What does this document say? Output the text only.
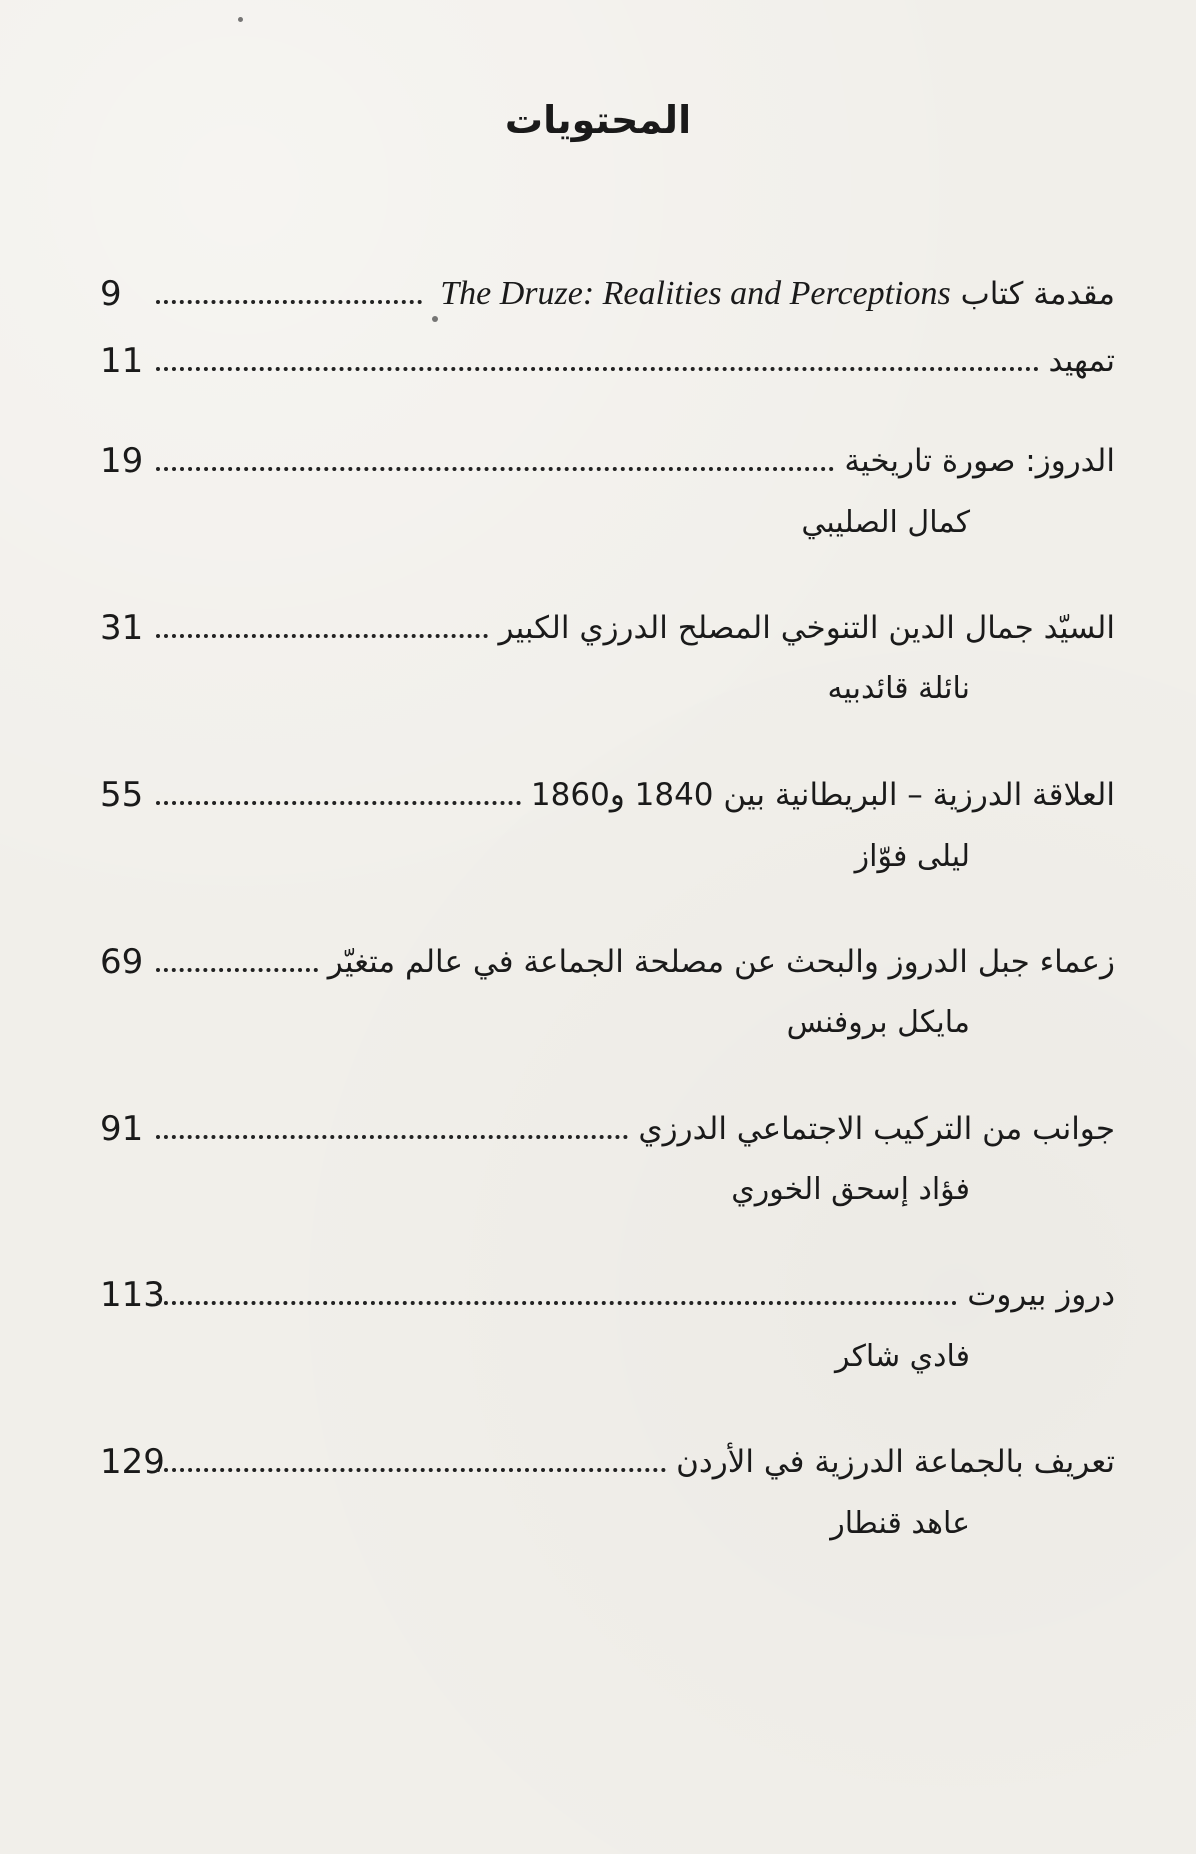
المحتويات
9	مقدمة كتاب The Druze: Realities and Perceptions
11	تمهيد
19	الدروز: صورة تاريخية
كمال الصليبي
31	السيّد جمال الدين التنوخي المصلح الدرزي الكبير
نائلة قائدبيه
55	العلاقة الدرزية – البريطانية بين 1840 و1860
ليلى فوّاز
69	زعماء جبل الدروز والبحث عن مصلحة الجماعة في عالم متغيّر
مايكل بروفنس
91	جوانب من التركيب الاجتماعي الدرزي
فؤاد إسحق الخوري
113	دروز بيروت
فادي شاكر
129	تعريف بالجماعة الدرزية في الأردن
عاهد قنطار
